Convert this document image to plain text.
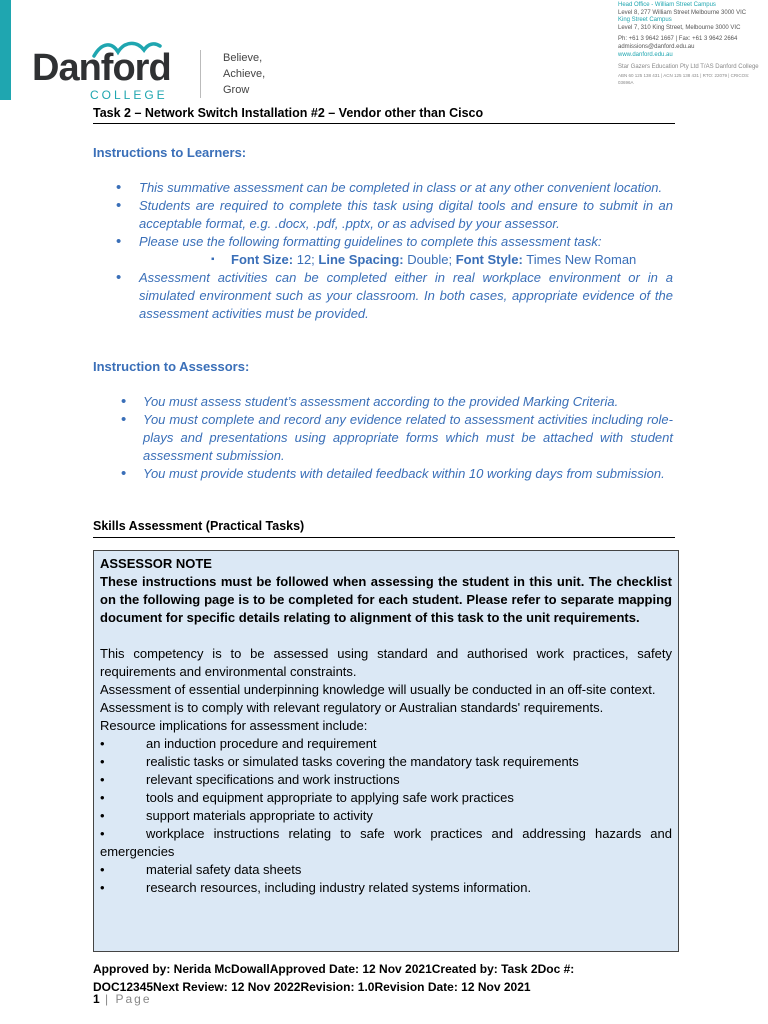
Danford
COLLEGE
Believe,
Achieve,
Grow
Head Office - William Street Campus
Level 8, 277 William Street Melbourne 3000 VIC
King Street Campus
Level 7, 310 King Street, Melbourne 3000 VIC
Ph: +61 3 9642 1667 | Fax: +61 3 9642 2664
admissions@danford.edu.au
www.danford.edu.au
Star Gazers Education Pty Ltd T/AS Danford College
ABN 60 125 138 431 | ACN 125 138 431 | RTO: 22079 | CRICOS: 03696A
Task 2 – Network Switch Installation #2 – Vendor other than Cisco
Instructions to Learners:
• This summative assessment can be completed in class or at any other convenient location.
• Students are required to complete this task using digital tools and ensure to submit in an acceptable format, e.g. .docx, .pdf, .pptx, or as advised by your assessor.
• Please use the following formatting guidelines to complete this assessment task:
▪ Font Size: 12; Line Spacing: Double; Font Style: Times New Roman
• Assessment activities can be completed either in real workplace environment or in a simulated environment such as your classroom. In both cases, appropriate evidence of the assessment activities must be provided.
Instruction to Assessors:
• You must assess student’s assessment according to the provided Marking Criteria.
• You must complete and record any evidence related to assessment activities including role-plays and presentations using appropriate forms which must be attached with student assessment submission.
• You must provide students with detailed feedback within 10 working days from submission.
Skills Assessment (Practical Tasks)

ASSESSOR NOTE

These instructions must be followed when assessing the student in this unit. The checklist on the following page is to be completed for each student. Please refer to separate mapping document for specific details relating to alignment of this task to the unit requirements.

This competency is to be assessed using standard and authorised work practices, safety requirements and environmental constraints.

Assessment of essential underpinning knowledge will usually be conducted in an off-site context.

Assessment is to comply with relevant regulatory or Australian standards' requirements.

Resource implications for assessment include:

•	an induction procedure and requirement

•	realistic tasks or simulated tasks covering the mandatory task requirements

•	relevant specifications and work instructions

•	tools and equipment appropriate to applying safe work practices

•	support materials appropriate to activity

•	workplace instructions relating to safe work practices and addressing hazards and emergencies

•	material safety data sheets

•	research resources, including industry related systems information.

Approved by: Nerida McDowallApproved Date: 12 Nov 2021Created by: Task 2Doc #:
DOC12345Next Review: 12 Nov 2022Revision: 1.0Revision Date: 12 Nov 2021
1 | Page
